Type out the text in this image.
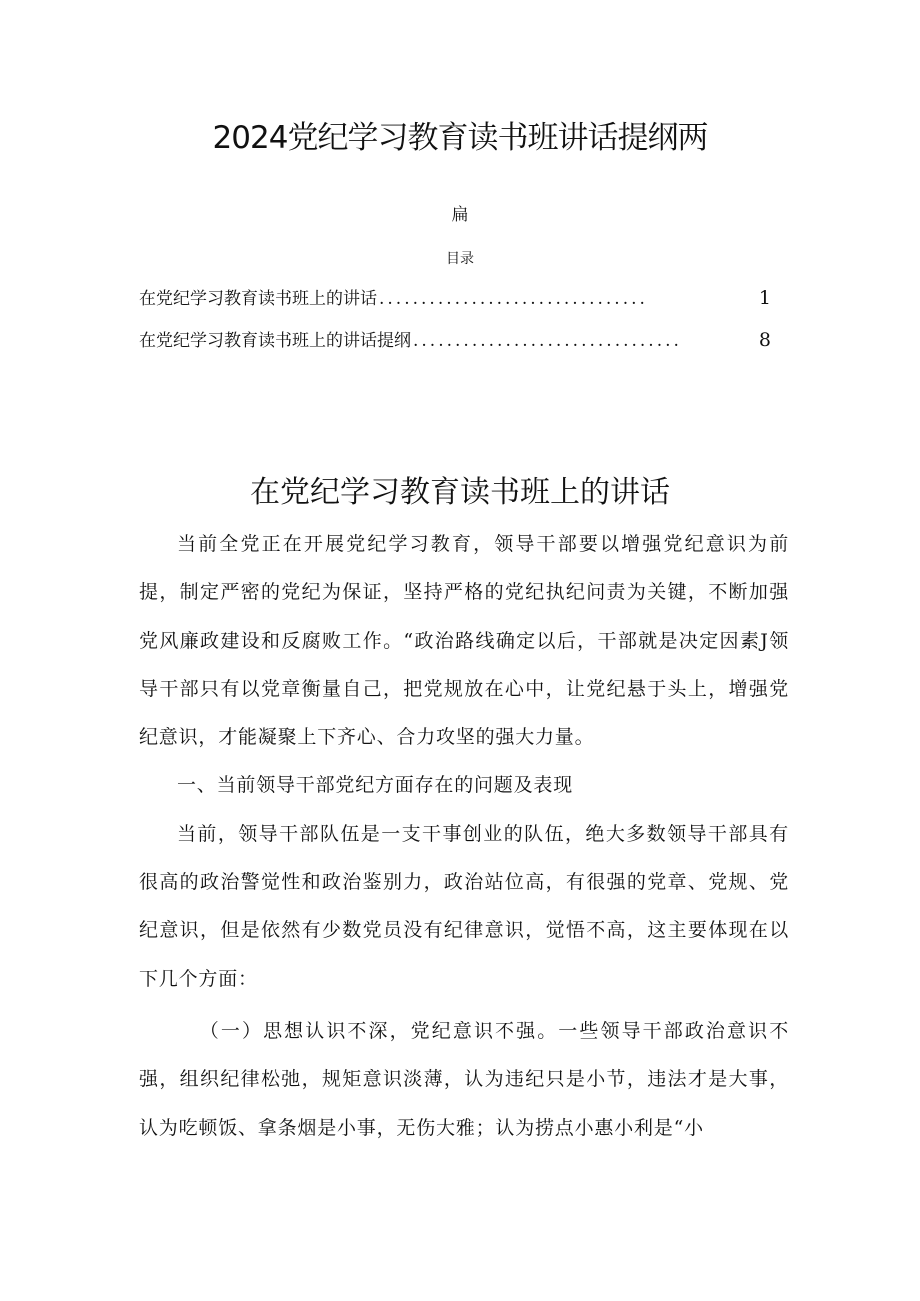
2024党纪学习教育读书班讲话提纲两
扁
目录
在党纪学习教育读书班上的讲话 ................................	1
在党纪学习教育读书班上的讲话提纲 ................................	8
在党纪学习教育读书班上的讲话

当前全党正在开展党纪学习教育，领导干部要以增强党纪意识为前提，制定严密的党纪为保证，坚持严格的党纪执纪问责为关键，不断加强党风廉政建设和反腐败工作。“政治路线确定以后，干部就是决定因素J领导干部只有以党章衡量自己，把党规放在心中，让党纪悬于头上，增强党纪意识，才能凝聚上下齐心、合力攻坚的强大力量。

一、当前领导干部党纪方面存在的问题及表现

当前，领导干部队伍是一支干事创业的队伍，绝大多数领导干部具有很高的政治警觉性和政治鉴别力，政治站位高，有很强的党章、党规、党纪意识，但是依然有少数党员没有纪律意识，觉悟不高，这主要体现在以下几个方面：

（一）思想认识不深，党纪意识不强。一些领导干部政治意识不强，组织纪律松弛，规矩意识淡薄，认为违纪只是小节，违法才是大事，认为吃顿饭、拿条烟是小事，无伤大雅；认为捞点小惠小利是“小
